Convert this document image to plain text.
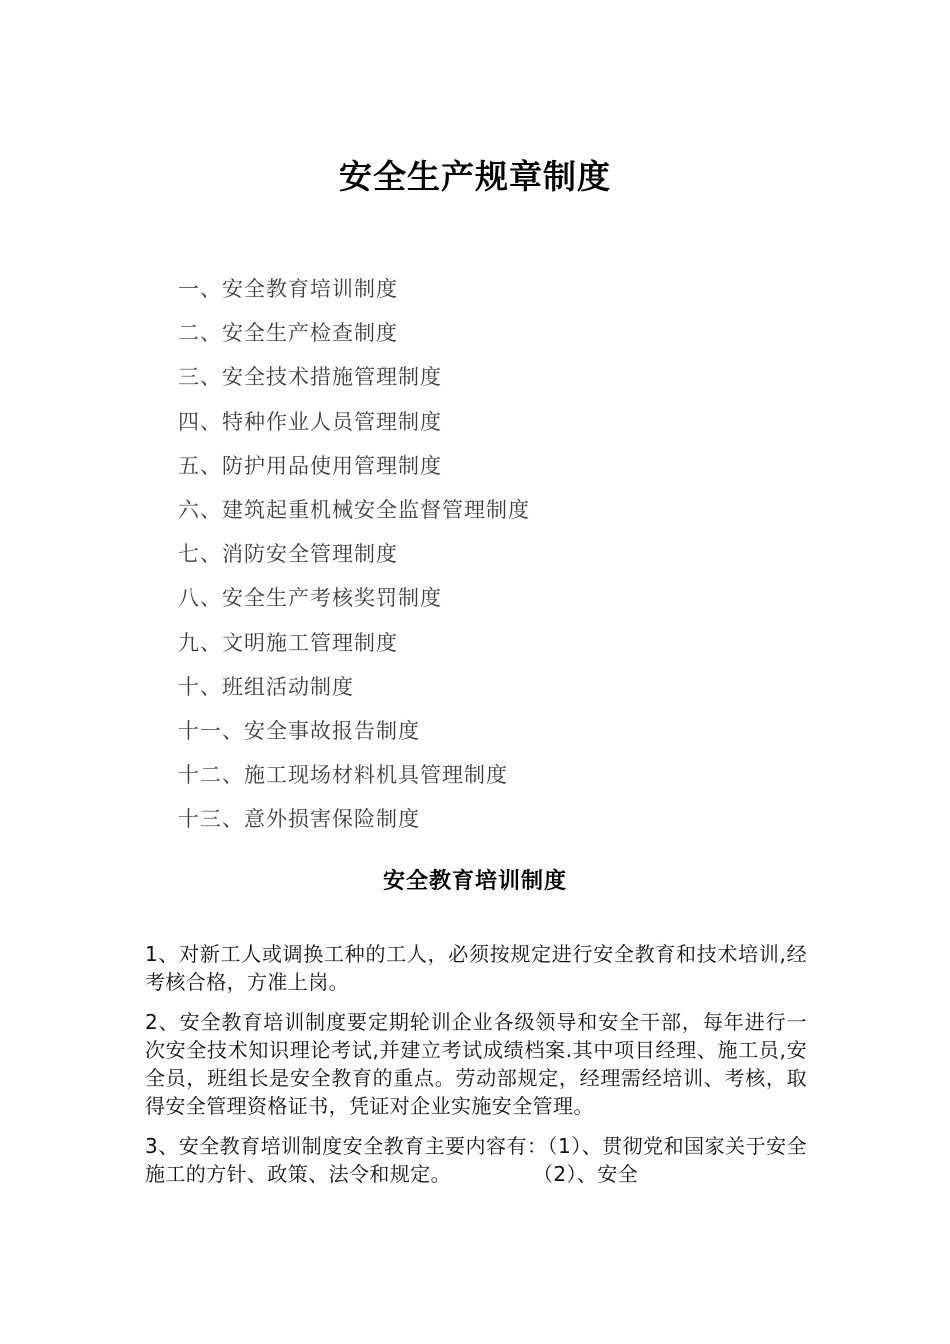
安全生产规章制度
一、安全教育培训制度
二、安全生产检查制度
三、安全技术措施管理制度
四、特种作业人员管理制度
五、防护用品使用管理制度
六、建筑起重机械安全监督管理制度
七、消防安全管理制度
八、安全生产考核奖罚制度
九、文明施工管理制度
十、班组活动制度
十一、安全事故报告制度
十二、施工现场材料机具管理制度
十三、意外损害保险制度
安全教育培训制度

1、对新工人或调换工种的工人，必须按规定进行安全教育和技术培训,经考核合格，方准上岗。

2、安全教育培训制度要定期轮训企业各级领导和安全干部，每年进行一次安全技术知识理论考试,并建立考试成绩档案.其中项目经理、施工员,安全员，班组长是安全教育的重点。劳动部规定，经理需经培训、考核，取得安全管理资格证书，凭证对企业实施安全管理。

3、安全教育培训制度安全教育主要内容有：（1）、贯彻党和国家关于安全施工的方针、政策、法令和规定。　　　　　（2）、安全
